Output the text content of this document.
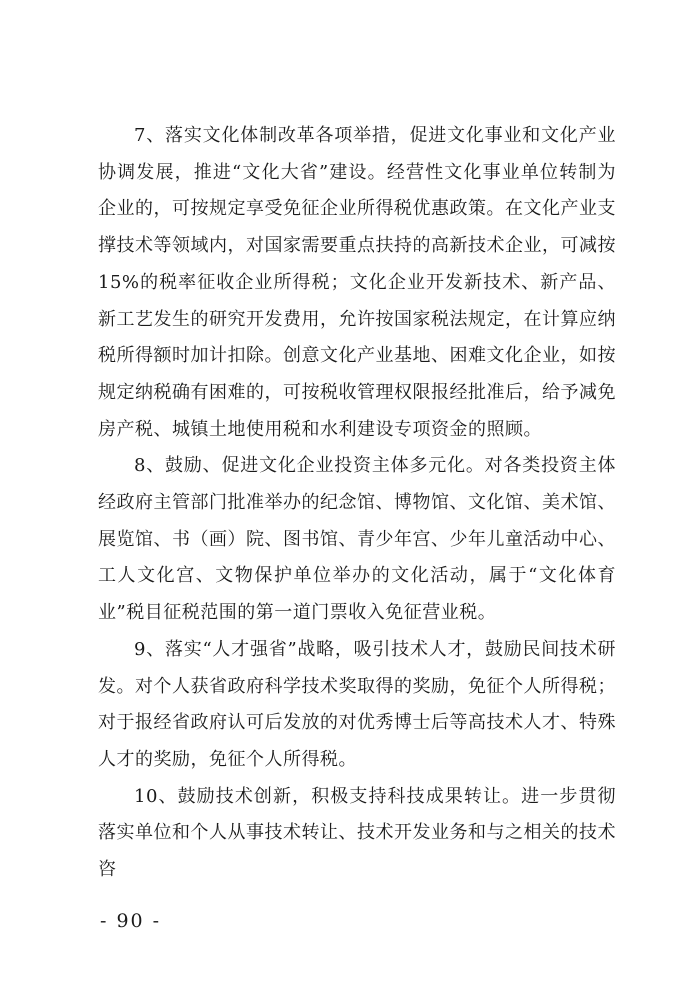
7、落实文化体制改革各项举措，促进文化事业和文化产业协调发展，推进“文化大省”建设。经营性文化事业单位转制为企业的，可按规定享受免征企业所得税优惠政策。在文化产业支撑技术等领域内，对国家需要重点扶持的高新技术企业，可减按15%的税率征收企业所得税；文化企业开发新技术、新产品、新工艺发生的研究开发费用，允许按国家税法规定，在计算应纳税所得额时加计扣除。创意文化产业基地、困难文化企业，如按规定纳税确有困难的，可按税收管理权限报经批准后，给予减免房产税、城镇土地使用税和水利建设专项资金的照顾。

8、鼓励、促进文化企业投资主体多元化。对各类投资主体经政府主管部门批准举办的纪念馆、博物馆、文化馆、美术馆、展览馆、书（画）院、图书馆、青少年宫、少年儿童活动中心、工人文化宫、文物保护单位举办的文化活动，属于“文化体育业”税目征税范围的第一道门票收入免征营业税。

9、落实“人才强省”战略，吸引技术人才，鼓励民间技术研发。对个人获省政府科学技术奖取得的奖励，免征个人所得税；对于报经省政府认可后发放的对优秀博士后等高技术人才、特殊人才的奖励，免征个人所得税。

10、鼓励技术创新，积极支持科技成果转让。进一步贯彻落实单位和个人从事技术转让、技术开发业务和与之相关的技术咨

- 90 -
